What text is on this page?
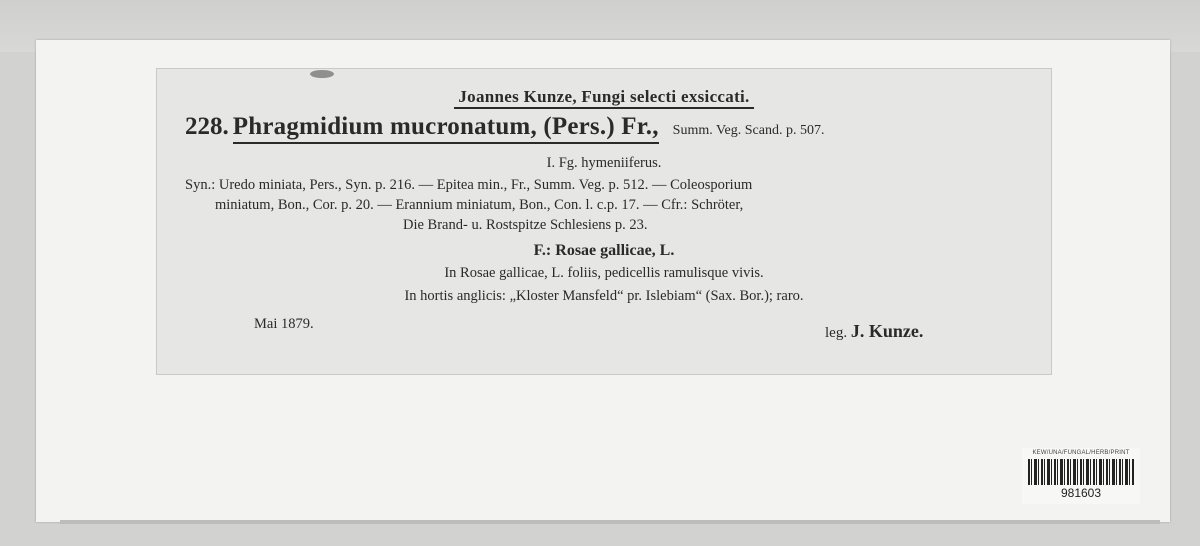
Joannes Kunze, Fungi selecti exsiccati.
228. Phragmidium mucronatum, (Pers.) Fr., Summ. Veg. Scand. p. 507.
I. Fg. hymeniiferus.
Syn.: Uredo miniata, Pers., Syn. p. 216. — Epitea min., Fr., Summ. Veg. p. 512. — Coleosporium
miniatum, Bon., Cor. p. 20. — Erannium miniatum, Bon., Con. l. c.p. 17. — Cfr.: Schröter,
Die Brand- u. Rostspitze Schlesiens p. 23.
F.: Rosae gallicae, L.
In Rosae gallicae, L. foliis, pedicellis ramulisque vivis.
In hortis anglicis: „Kloster Mansfeld“ pr. Islebiam“ (Sax. Bor.); raro.
Mai 1879.
leg. J. Kunze.
KEW/UNA/FUNGAL/HERB/PRINT
981603
